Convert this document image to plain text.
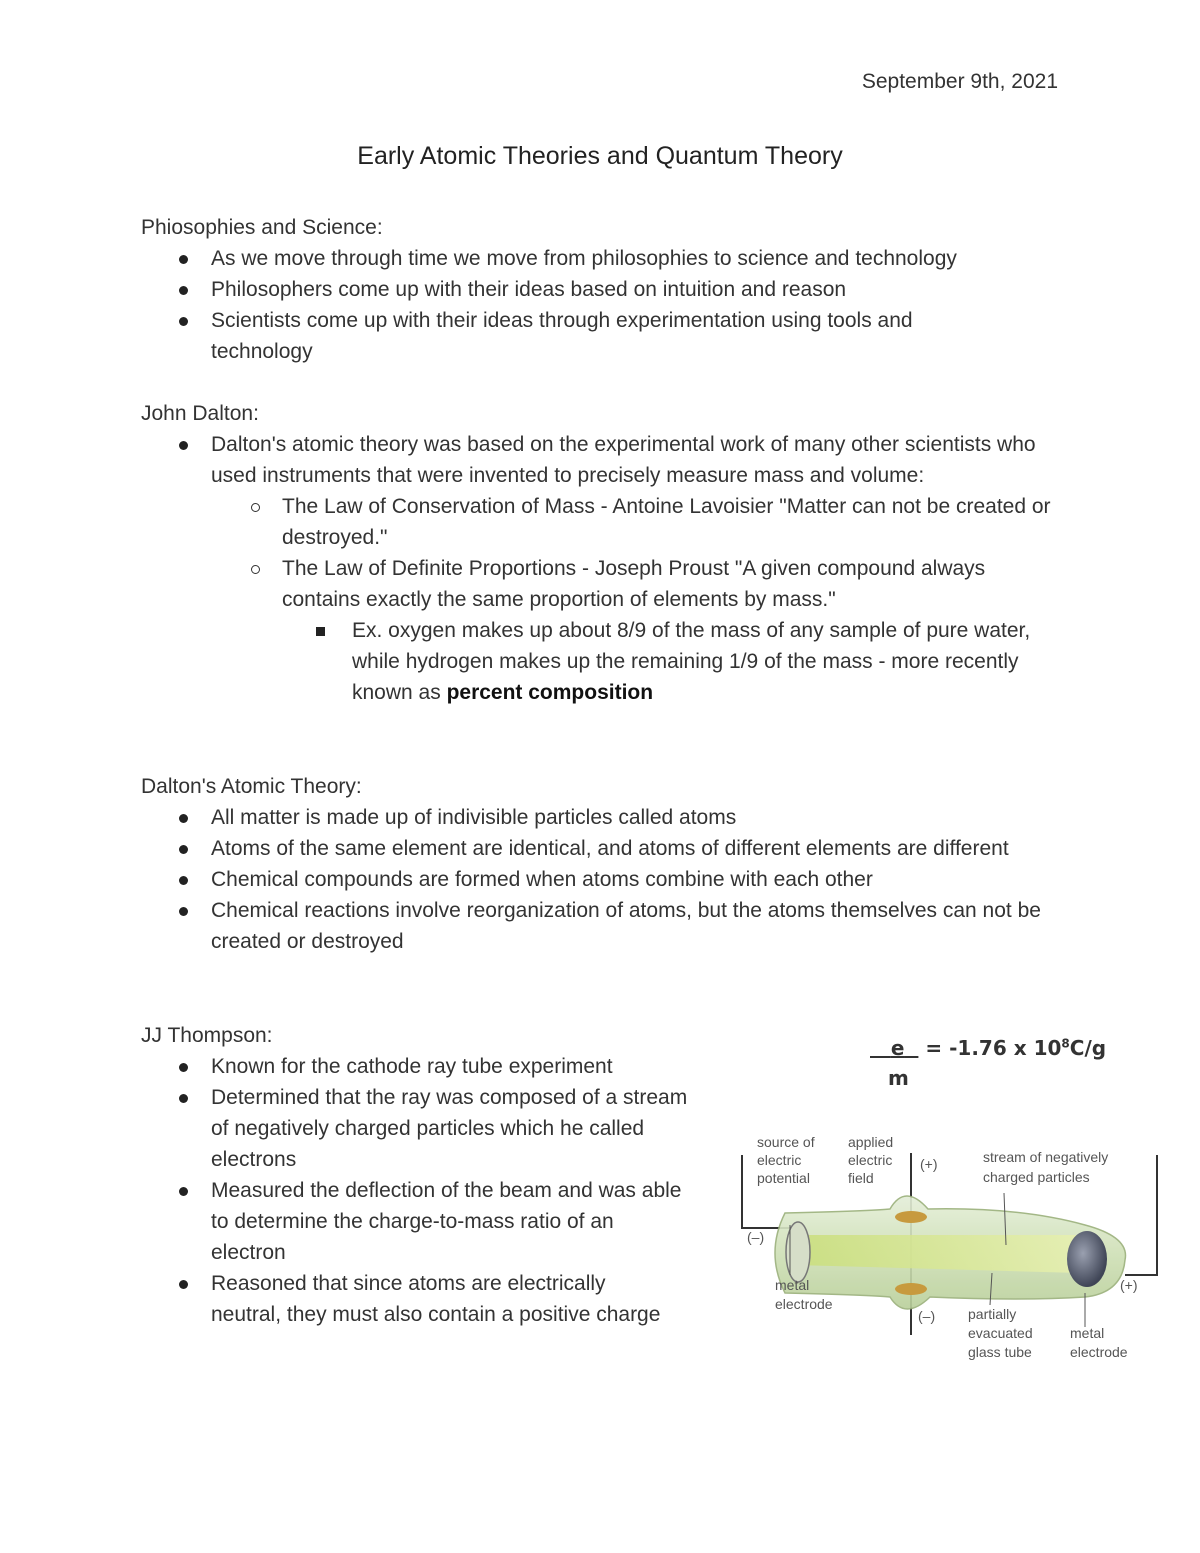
September 9th, 2021
Early Atomic Theories and Quantum Theory
Phiosophies and Science:
As we move through time we move from philosophies to science and technology
Philosophers come up with their ideas based on intuition and reason
Scientists come up with their ideas through experimentation using tools and technology
John Dalton:
Dalton's atomic theory was based on the experimental work of many other scientists who used instruments that were invented to precisely measure mass and volume:
The Law of Conservation of Mass - Antoine Lavoisier "Matter can not be created or destroyed."
The Law of Definite Proportions - Joseph Proust "A given compound always contains exactly the same proportion of elements by mass."
Ex. oxygen makes up about 8/9 of the mass of any sample of pure water, while hydrogen makes up the remaining 1/9 of the mass - more recently known as percent composition
Dalton's Atomic Theory:
All matter is made up of indivisible particles called atoms
Atoms of the same element are identical, and atoms of different elements are different
Chemical compounds are formed when atoms combine with each other
Chemical reactions involve reorganization of atoms, but the atoms themselves can not be created or destroyed
JJ Thompson:
Known for the cathode ray tube experiment
Determined that the ray was composed of a stream of negatively charged particles which he called electrons
Measured the deflection of the beam and was able to determine the charge-to-mass ratio of an electron
Reasoned that since atoms are electrically neutral, they must also contain a positive charge
e = -1.76 x $10^8C/g$
m
source of
electric
potential
applied
electric
field
(+)	stream of negatively
charged particles
(–)
metal
electrode
(–) partially
evacuated
glass tube
(+)
metal
electrode
